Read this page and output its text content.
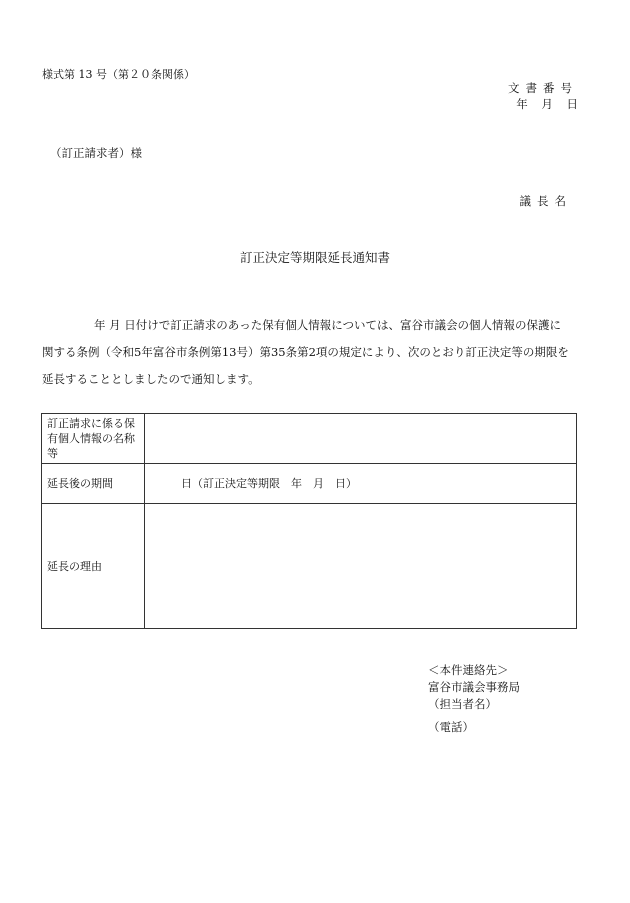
様式第 13 号（第２０条関係）
文書番号
年 月 日
（訂正請求者）様
議長名
訂正決定等期限延長通知書
年 月 日付けで訂正請求のあった保有個人情報については、富谷市議会の個人情報の保護に
関する条例（令和5年富谷市条例第13号）第35条第2項の規定により、次のとおり訂正決定等の期限を
延長することとしましたので通知します。
訂正請求に係る保有個人情報の名称等	
延長後の期間	日（訂正決定等期限　年　月　日）
延長の理由	
＜本件連絡先＞
富谷市議会事務局
（担当者名）
（電話）
